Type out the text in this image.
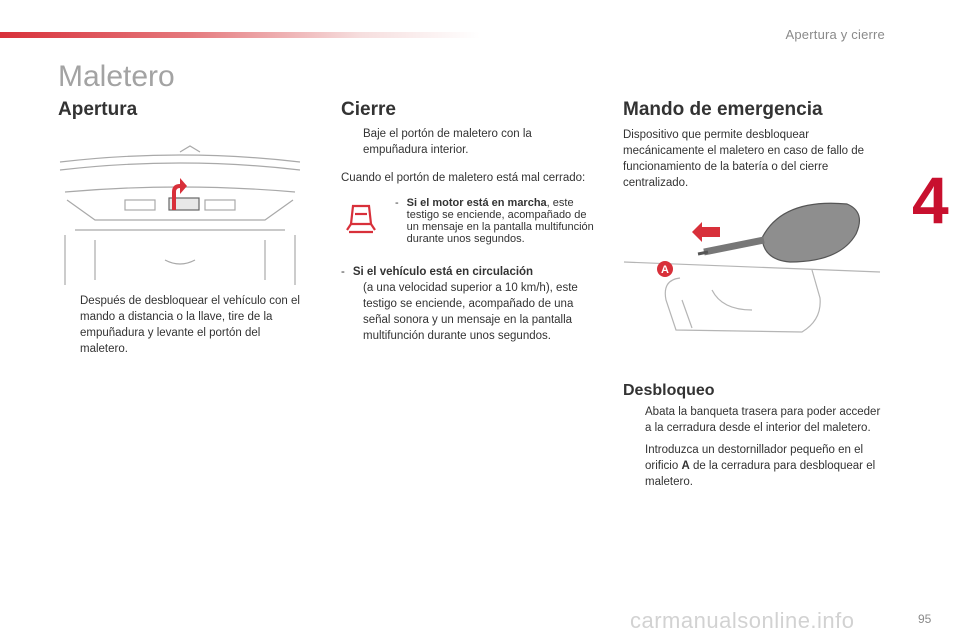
Apertura y cierre
4
Maletero
Apertura
Después de desbloquear el vehículo con el mando a distancia o la llave, tire de la empuñadura y levante el portón del maletero.
Cierre
Baje el portón de maletero con la empuñadura interior.
Cuando el portón de maletero está mal cerrado:
- Si el motor está en marcha, este testigo se enciende, acompañado de un mensaje en la pantalla multifunción durante unos segundos.
- Si el vehículo está en circulación
(a una velocidad superior a 10 km/h), este testigo se enciende, acompañado de una señal sonora y un mensaje en la pantalla multifunción durante unos segundos.
Mando de emergencia
Dispositivo que permite desbloquear mecánicamente el maletero en caso de fallo de funcionamiento de la batería o del cierre centralizado.
A
Desbloqueo
Abata la banqueta trasera para poder acceder a la cerradura desde el interior del maletero.
Introduzca un destornillador pequeño en el orificio A de la cerradura para desbloquear el maletero.
carmanualsonline.info	95
